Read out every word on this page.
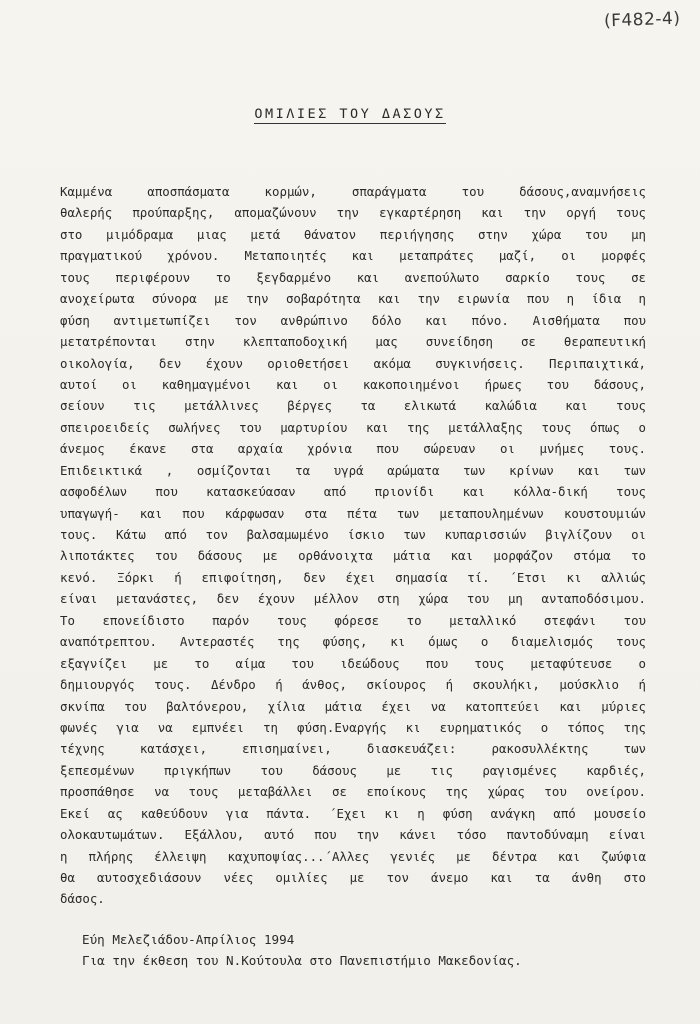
(F482-4)
ΟΜΙΛΙΕΣ ΤΟΥ ΔΑΣΟΥΣ
Καμμένα αποσπάσματα κορμών, σπαράγματα του δάσους,αναμνήσεις
θαλερής προύπαρξης, απομαζώνουν την εγκαρτέρηση και την οργή τους
στο μιμόδραμα μιας μετά θάνατον περιήγησης στην χώρα του μη
πραγματικού χρόνου. Μεταποιητές και μεταπράτες μαζί, οι μορφές
τους περιφέρουν το ξεγδαρμένο και ανεπούλωτο σαρκίο τους σε
ανοχείρωτα σύνορα με την σοβαρότητα και την ειρωνία που η ίδια η
φύση αντιμετωπίζει τον ανθρώπινο δόλο και πόνο. Αισθήματα που
μετατρέπονται στην κλεπταποδοχική μας συνείδηση σε θεραπευτική
οικολογία, δεν έχουν οριοθετήσει ακόμα συγκινήσεις. Περιπαιχτικά,
αυτοί οι καθημαγμένοι και οι κακοποιημένοι ήρωες του δάσους,
σείουν τις μετάλλινες βέργες τα ελικωτά καλώδια και τους
σπειροειδείς σωλήνες του μαρτυρίου και της μετάλλαξης τους όπως ο
άνεμος έκανε στα αρχαία χρόνια που σώρευαν οι μνήμες τους.
Επιδεικτικά , οσμίζονται τα υγρά αρώματα των κρίνων και των
ασφοδέλων που κατασκεύασαν από πριονίδι και κόλλα-δική τους
υπαγωγή- και που κάρφωσαν στα πέτα των μεταπουλημένων κουστουμιών
τους. Κάτω από τον βαλσαμωμένο ίσκιο των κυπαρισσιών βιγλίζουν οι
λιποτάκτες του δάσους με ορθάνοιχτα μάτια και μορφάζον στόμα το
κενό. Ξόρκι ή επιφοίτηση, δεν έχει σημασία τί. ΄Ετσι κι αλλιώς
είναι μετανάστες, δεν έχουν μέλλον στη χώρα του μη ανταποδόσιμου.
Το επονείδιστο παρόν τους φόρεσε το μεταλλικό στεφάνι του
αναπότρεπτου. Αντεραστές της φύσης, κι όμως ο διαμελισμός τους
εξαγνίζει με το αίμα του ιδεώδους που τους μεταφύτευσε ο
δημιουργός τους. Δένδρο ή άνθος, σκίουρος ή σκουλήκι, μούσκλιο ή
σκνίπα του βαλτόνερου, χίλια μάτια έχει να κατοπτεύει και μύριες
φωνές για να εμπνέει τη φύση.Εναργής κι ευρηματικός ο τόπος της
τέχνης κατάσχει, επισημαίνει, διασκευάζει: ρακοσυλλέκτης των
ξεπεσμένων πριγκήπων του δάσους με τις ραγισμένες καρδιές,
προσπάθησε να τους μεταβάλλει σε εποίκους της χώρας του ονείρου.
Εκεί ας καθεύδουν για πάντα. ΄Εχει κι η φύση ανάγκη από μουσείο
ολοκαυτωμάτων. Εξάλλου, αυτό που την κάνει τόσο παντοδύναμη είναι
η πλήρης έλλειψη καχυποψίας...΄Αλλες γενιές με δέντρα και ζωύφια
θα αυτοσχεδιάσουν νέες ομιλίες με τον άνεμο και τα άνθη στο
δάσος.
Εύη Μελεζιάδου-Απρίλιος 1994
Για την έκθεση του Ν.Κούτουλα στο Πανεπιστήμιο Μακεδονίας.
